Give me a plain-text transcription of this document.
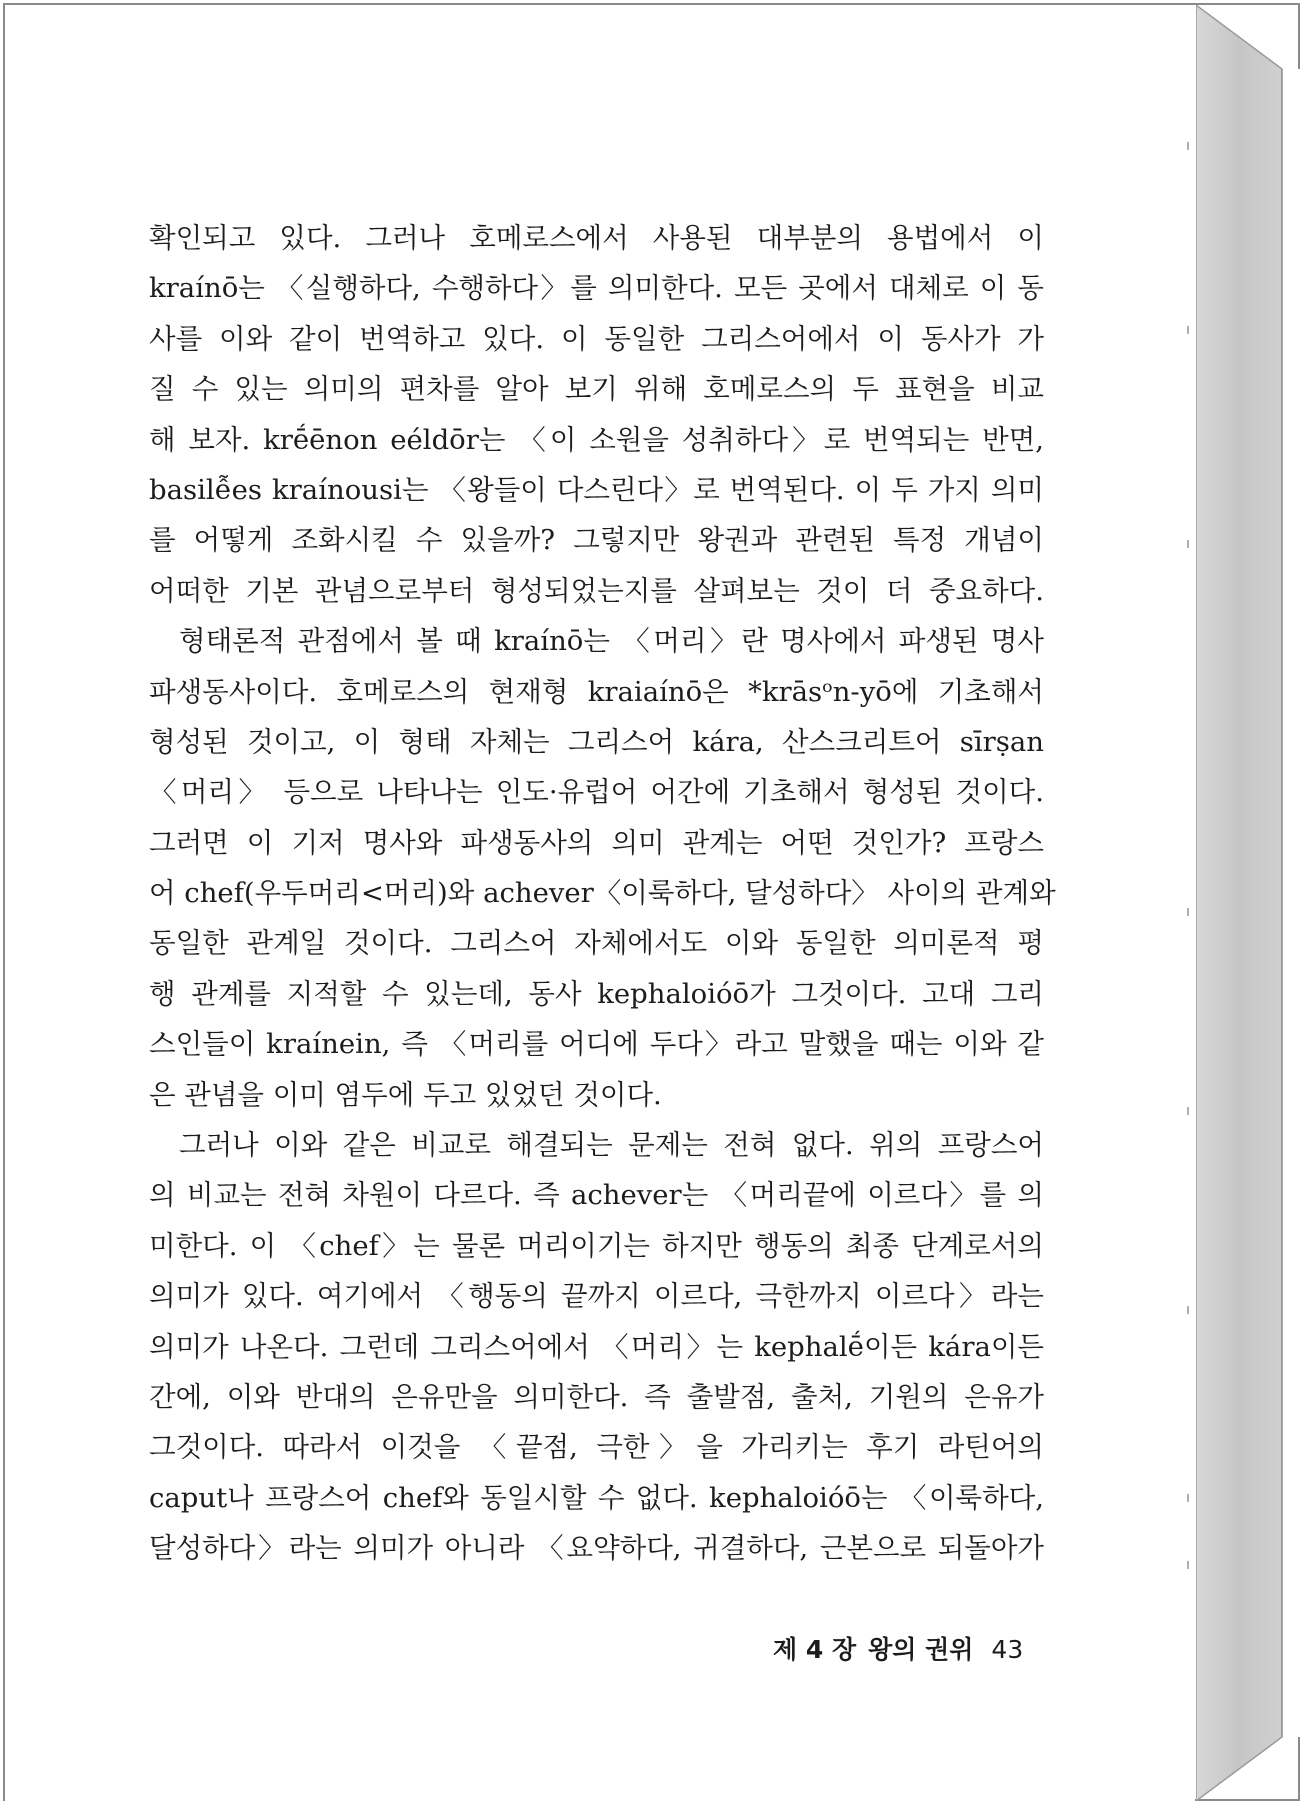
확인되고 있다. 그러나 호메로스에서 사용된 대부분의 용법에서 이
kraínō는 〈실행하다, 수행하다〉를 의미한다. 모든 곳에서 대체로 이 동
사를 이와 같이 번역하고 있다. 이 동일한 그리스어에서 이 동사가 가
질 수 있는 의미의 편차를 알아 보기 위해 호메로스의 두 표현을 비교
해 보자. krḗēnon eéldōr는 〈이 소원을 성취하다〉로 번역되는 반면,
basilễes kraínousi는 〈왕들이 다스린다〉로 번역된다. 이 두 가지 의미
를 어떻게 조화시킬 수 있을까? 그렇지만 왕권과 관련된 특정 개념이
어떠한 기본 관념으로부터 형성되었는지를 살펴보는 것이 더 중요하다.
형태론적 관점에서 볼 때 kraínō는 〈머리〉란 명사에서 파생된 명사
파생동사이다. 호메로스의 현재형 kraiaínō은 *krāsᵒn-yō에 기초해서
형성된 것이고, 이 형태 자체는 그리스어 kára, 산스크리트어 sīrṣan
〈머리〉 등으로 나타나는 인도·유럽어 어간에 기초해서 형성된 것이다.
그러면 이 기저 명사와 파생동사의 의미 관계는 어떤 것인가? 프랑스
어 chef(우두머리<머리)와 achever〈이룩하다, 달성하다〉 사이의 관계와
동일한 관계일 것이다. 그리스어 자체에서도 이와 동일한 의미론적 평
행 관계를 지적할 수 있는데, 동사 kephaloióō가 그것이다. 고대 그리
스인들이 kraínein, 즉 〈머리를 어디에 두다〉라고 말했을 때는 이와 같
은 관념을 이미 염두에 두고 있었던 것이다.
그러나 이와 같은 비교로 해결되는 문제는 전혀 없다. 위의 프랑스어
의 비교는 전혀 차원이 다르다. 즉 achever는 〈머리끝에 이르다〉를 의
미한다. 이 〈chef〉는 물론 머리이기는 하지만 행동의 최종 단계로서의
의미가 있다. 여기에서 〈행동의 끝까지 이르다, 극한까지 이르다〉라는
의미가 나온다. 그런데 그리스어에서 〈머리〉는 kephalḗ이든 kára이든
간에, 이와 반대의 은유만을 의미한다. 즉 출발점, 출처, 기원의 은유가
그것이다. 따라서 이것을 〈끝점, 극한〉을 가리키는 후기 라틴어의
caput나 프랑스어 chef와 동일시할 수 없다. kephaloióō는 〈이룩하다,
달성하다〉라는 의미가 아니라 〈요약하다, 귀결하다, 근본으로 되돌아가
제 4 장 왕의 권위 43
